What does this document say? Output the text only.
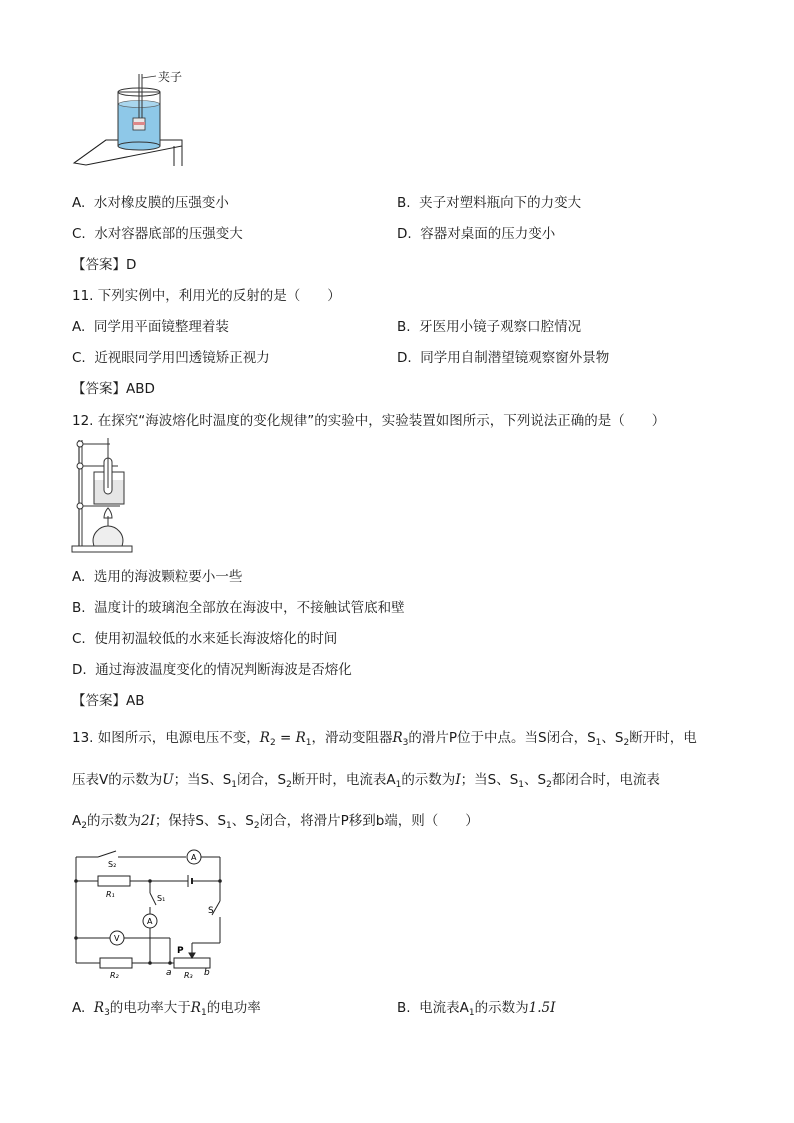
夹子
A. 水对橡皮膜的压强变小	B. 夹子对塑料瓶向下的力变大
C. 水对容器底部的压强变大	D. 容器对桌面的压力变小
【答案】D
11. 下列实例中，利用光的反射的是（　　）
A. 同学用平面镜整理着装	B. 牙医用小镜子观察口腔情况
C. 近视眼同学用凹透镜矫正视力	D. 同学用自制潜望镜观察窗外景物
【答案】ABD
12. 在探究“海波熔化时温度的变化规律”的实验中，实验装置如图所示，下列说法正确的是（　　）
A. 选用的海波颗粒要小一些
B. 温度计的玻璃泡全部放在海波中，不接触试管底和壁
C. 使用初温较低的水来延长海波熔化的时间
D. 通过海波温度变化的情况判断海波是否熔化
【答案】AB
13. 如图所示，电源电压不变，$R_2 = R_1$，滑动变阻器$R_3$的滑片P位于中点。当S闭合，$S_1$、$S_2$断开时，电
压表V的示数为U；当S、$S_1$闭合，$S_2$断开时，电流表$A_1$的示数为I；当S、$S_1$、$S_2$都闭合时，电流表
$A_2$的示数为2I；保持S、$S_1$、$S_2$闭合，将滑片P移到b端，则（　　）
S₂
A
R₁	S₁
A
S
V
P
R₂	a R₃ b
A. $R_3$的电功率大于$R_1$的电功率	B. 电流表$A_1$的示数为1.5I
